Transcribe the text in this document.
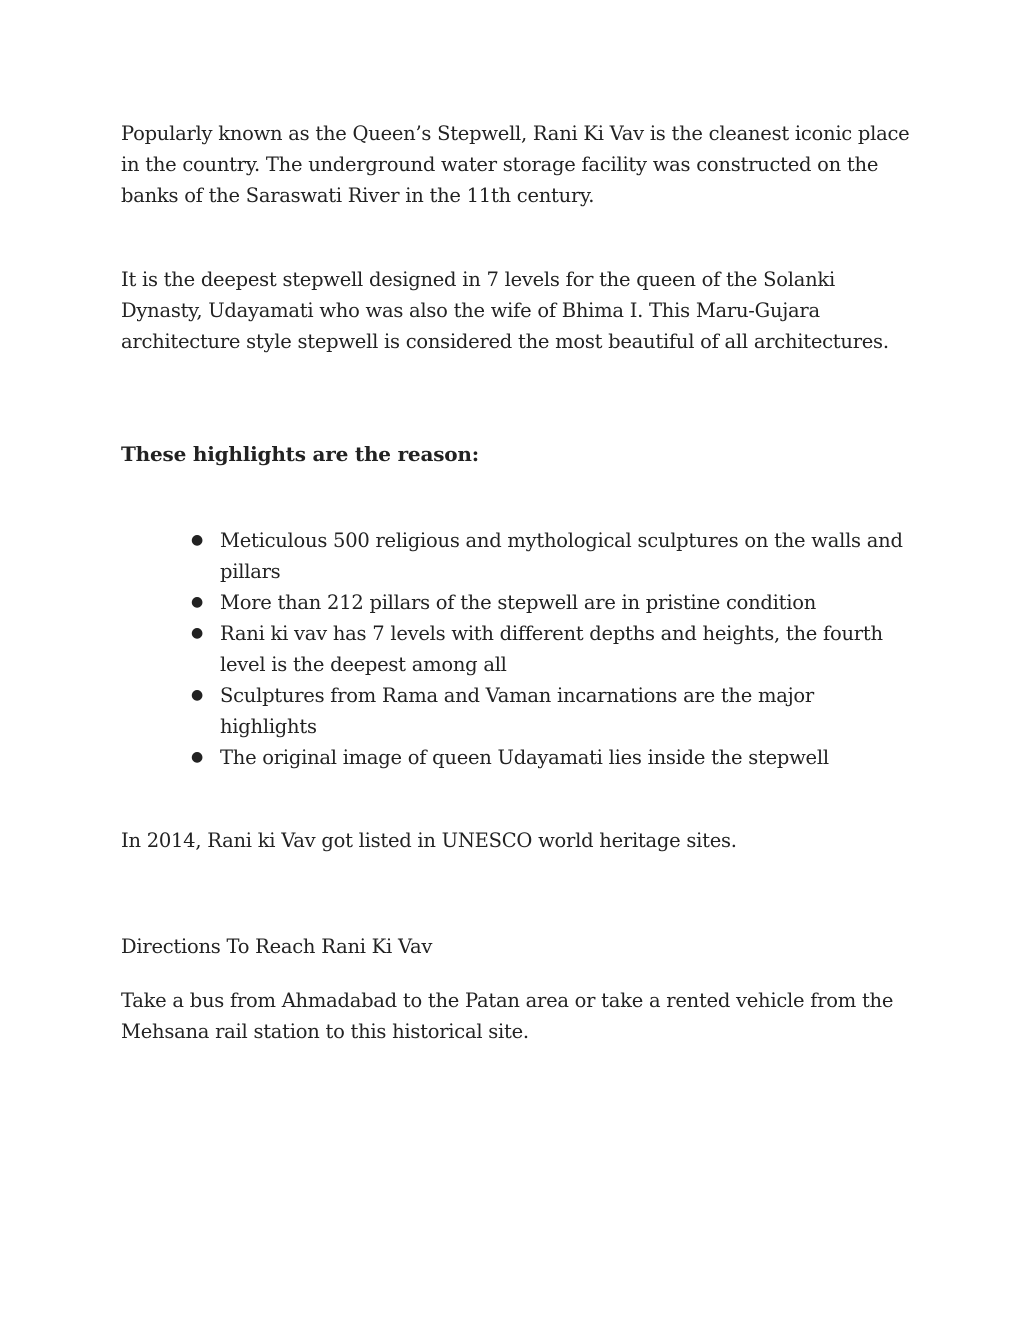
Popularly known as the Queen’s Stepwell, Rani Ki Vav is the cleanest iconic place in the country. The underground water storage facility was constructed on the banks of the Saraswati River in the 11th century.

It is the deepest stepwell designed in 7 levels for the queen of the Solanki Dynasty, Udayamati who was also the wife of Bhima I. This Maru-Gujara architecture style stepwell is considered the most beautiful of all architectures.

These highlights are the reason:

● Meticulous 500 religious and mythological sculptures on the walls and pillars
● More than 212 pillars of the stepwell are in pristine condition
● Rani ki vav has 7 levels with different depths and heights, the fourth level is the deepest among all
● Sculptures from Rama and Vaman incarnations are the major highlights
● The original image of queen Udayamati lies inside the stepwell

In 2014, Rani ki Vav got listed in UNESCO world heritage sites.

Directions To Reach Rani Ki Vav

Take a bus from Ahmadabad to the Patan area or take a rented vehicle from the Mehsana rail station to this historical site.
